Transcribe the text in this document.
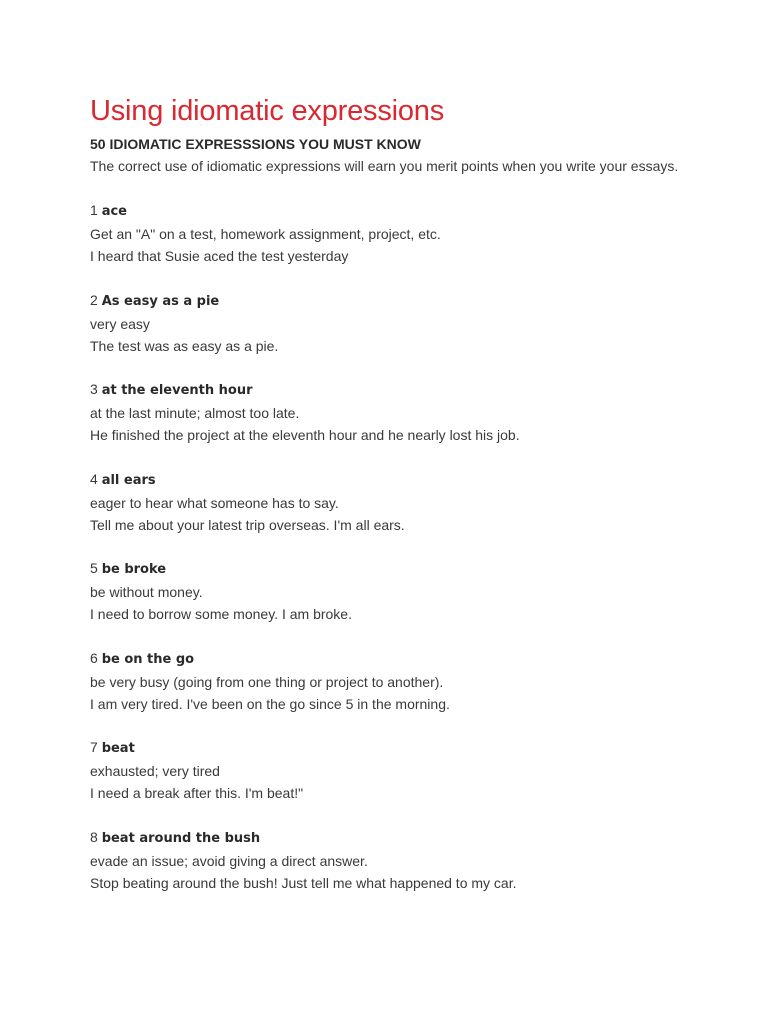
Using idiomatic expressions

50 IDIOMATIC EXPRESSSIONS YOU MUST KNOW

The correct use of idiomatic expressions will earn you merit points when you write your essays.

1 ace
Get an "A" on a test, homework assignment, project, etc.
I heard that Susie aced the test yesterday
2 As easy as a pie
very easy
The test was as easy as a pie.
3 at the eleventh hour
at the last minute; almost too late.
He finished the project at the eleventh hour and he nearly lost his job.
4 all ears
eager to hear what someone has to say.
Tell me about your latest trip overseas. I'm all ears.
5 be broke
be without money.
I need to borrow some money. I am broke.
6 be on the go
be very busy (going from one thing or project to another).
I am very tired. I've been on the go since 5 in the morning.
7 beat
exhausted; very tired
I need a break after this. I'm beat!"
8 beat around the bush
evade an issue; avoid giving a direct answer.
Stop beating around the bush! Just tell me what happened to my car.
